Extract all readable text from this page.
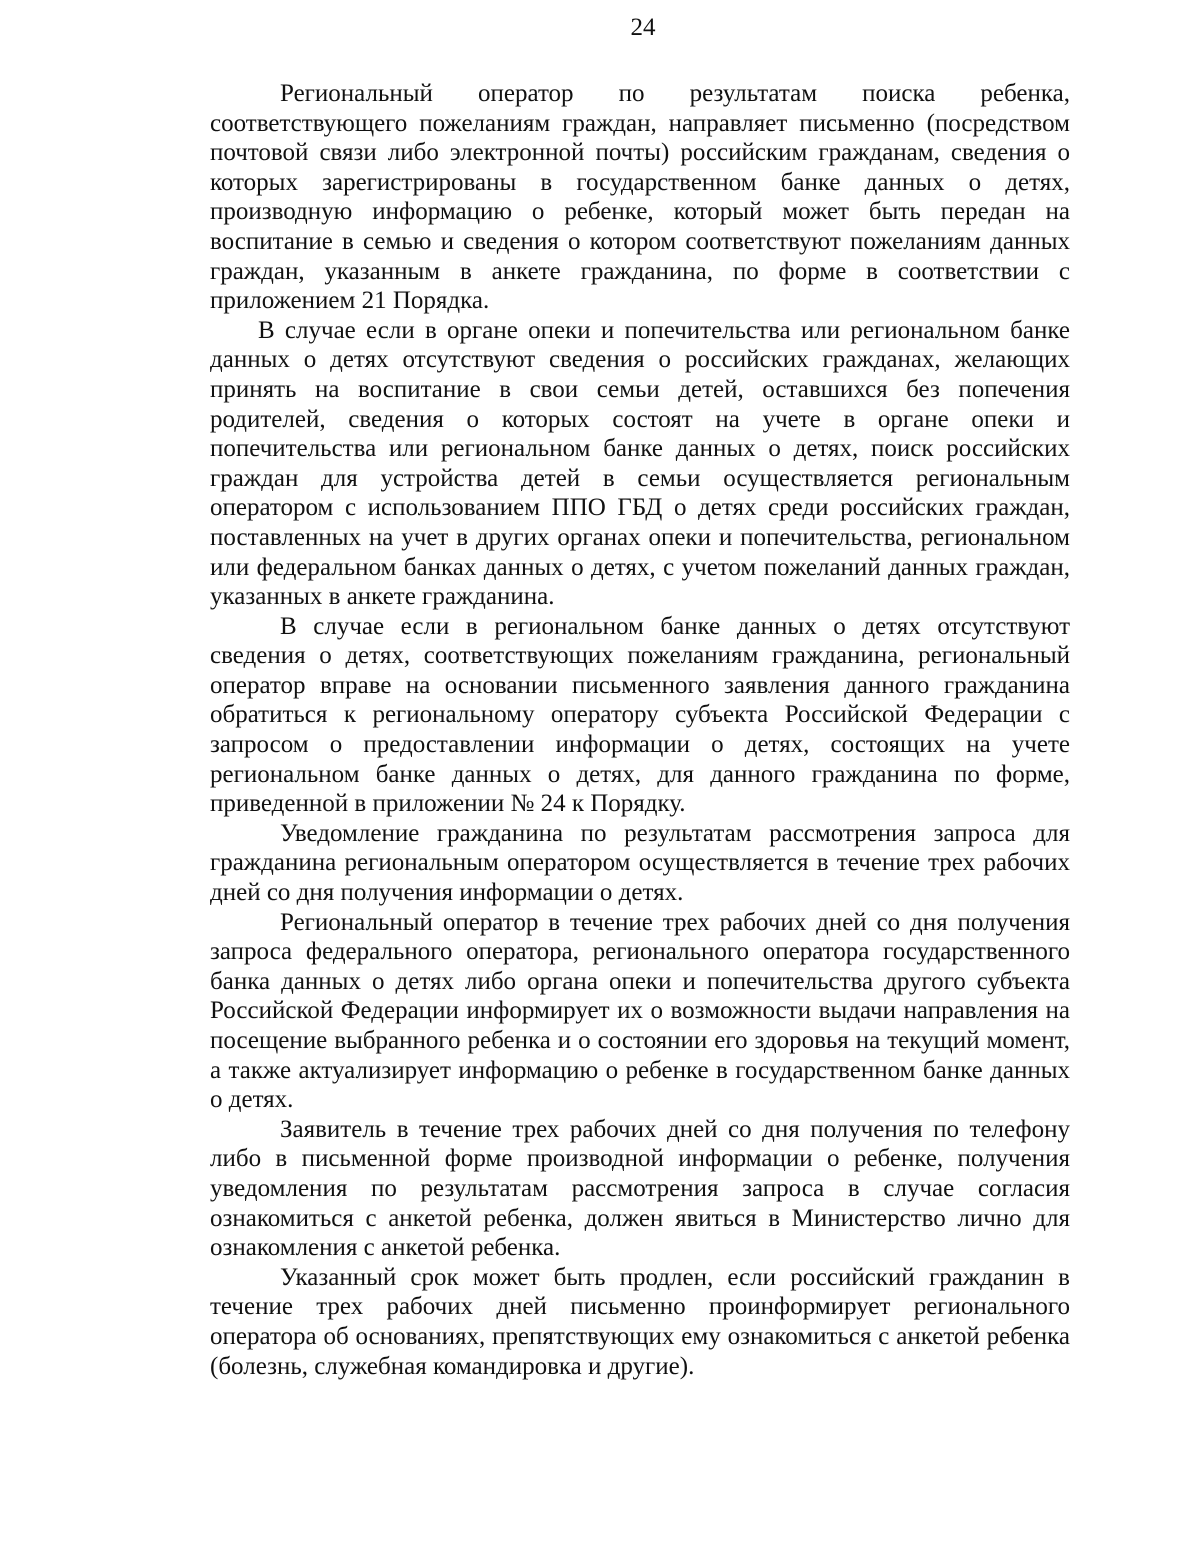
24

Региональный оператор по результатам поиска ребенка, соответствующего пожеланиям граждан, направляет письменно (посредством почтовой связи либо электронной почты) российским гражданам, сведения о которых зарегистрированы в государственном банке данных о детях, производную информацию о ребенке, который может быть передан на воспитание в семью и сведения о котором соответствуют пожеланиям данных граждан, указанным в анкете гражданина, по форме в соответствии с приложением 21 Порядка.

В случае если в органе опеки и попечительства или региональном банке данных о детях отсутствуют сведения о российских гражданах, желающих принять на воспитание в свои семьи детей, оставшихся без попечения родителей, сведения о которых состоят на учете в органе опеки и попечительства или региональном банке данных о детях, поиск российских граждан для устройства детей в семьи осуществляется региональным оператором с использованием ППО ГБД о детях среди российских граждан, поставленных на учет в других органах опеки и попечительства, региональном или федеральном банках данных о детях, с учетом пожеланий данных граждан, указанных в анкете гражданина.

В случае если в региональном банке данных о детях отсутствуют сведения о детях, соответствующих пожеланиям гражданина, региональный оператор вправе на основании письменного заявления данного гражданина обратиться к региональному оператору субъекта Российской Федерации с запросом о предоставлении информации о детях, состоящих на учете региональном банке данных о детях, для данного гражданина по форме, приведенной в приложении № 24 к Порядку.

Уведомление гражданина по результатам рассмотрения запроса для гражданина региональным оператором осуществляется в течение трех рабочих дней со дня получения информации о детях.

Региональный оператор в течение трех рабочих дней со дня получения запроса федерального оператора, регионального оператора государственного банка данных о детях либо органа опеки и попечительства другого субъекта Российской Федерации информирует их о возможности выдачи направления на посещение выбранного ребенка и о состоянии его здоровья на текущий момент, а также актуализирует информацию о ребенке в государственном банке данных о детях.

Заявитель в течение трех рабочих дней со дня получения по телефону либо в письменной форме производной информации о ребенке, получения уведомления по результатам рассмотрения запроса в случае согласия ознакомиться с анкетой ребенка, должен явиться в Министерство лично для ознакомления с анкетой ребенка.

Указанный срок может быть продлен, если российский гражданин в течение трех рабочих дней письменно проинформирует регионального оператора об основаниях, препятствующих ему ознакомиться с анкетой ребенка (болезнь, служебная командировка и другие).
